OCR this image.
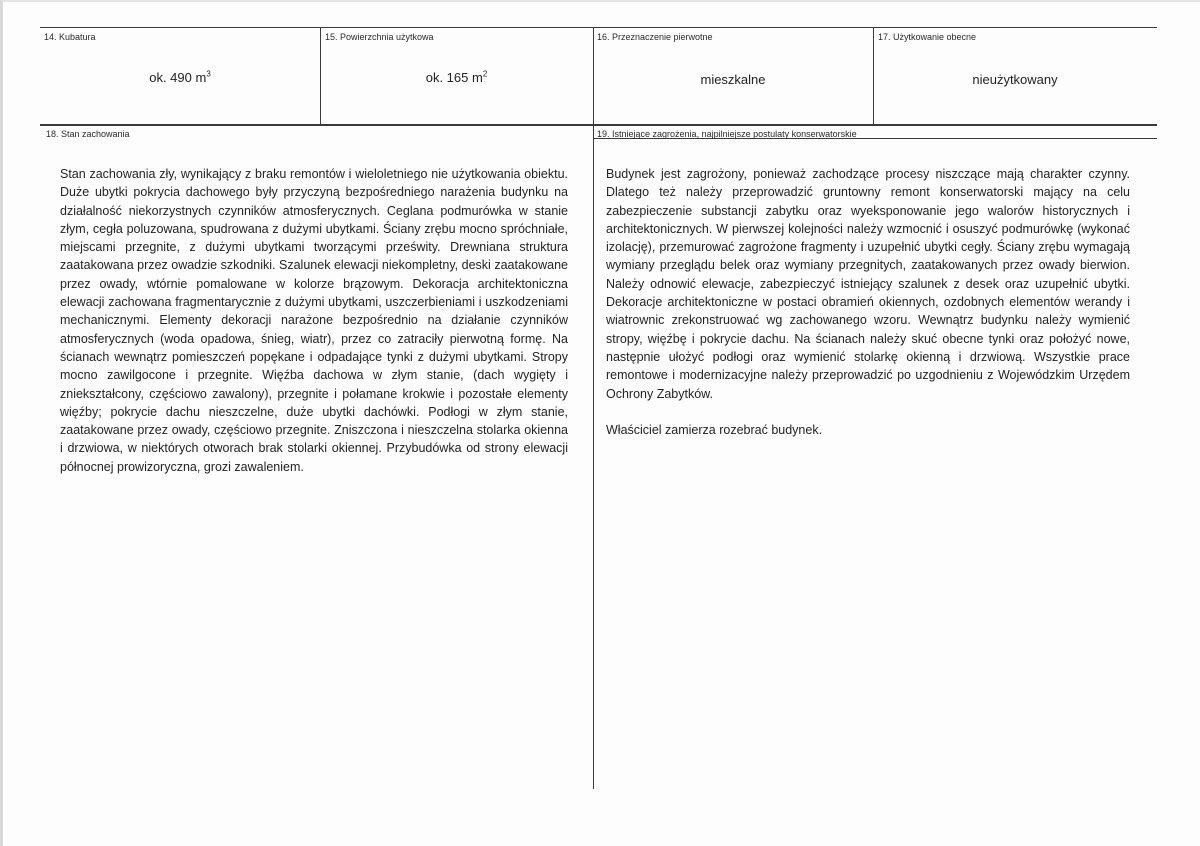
14. Kubatura
ok. 490 $m^3$
15. Powierzchnia użytkowa
ok. 165 $m^2$
16. Przeznaczenie pierwotne
mieszkalne
17. Użytkowanie obecne
nieużytkowany
18. Stan zachowania	19. Istniejące zagrożenia, najpilniejsze postulaty konserwatorskie

Stan zachowania zły, wynikający z braku remontów i wieloletniego nie użytkowania obiektu. Duże ubytki pokrycia dachowego były przyczyną bezpośredniego narażenia budynku na działalność niekorzystnych czynników atmosferycznych. Ceglana podmurówka w stanie złym, cegła poluzowana, spudrowana z dużymi ubytkami. Ściany zrębu mocno spróchniałe, miejscami przegnite, z dużymi ubytkami tworzącymi prześwity. Drewniana struktura zaatakowana przez owadzie szkodniki. Szalunek elewacji niekompletny, deski zaatakowane przez owady, wtórnie pomalowane w kolorze brązowym. Dekoracja architektoniczna elewacji zachowana fragmentarycznie z dużymi ubytkami, uszczerbieniami i uszkodzeniami mechanicznymi. Elementy dekoracji narażone bezpośrednio na działanie czynników atmosferycznych (woda opadowa, śnieg, wiatr), przez co zatraciły pierwotną formę. Na ścianach wewnątrz pomieszczeń popękane i odpadające tynki z dużymi ubytkami. Stropy mocno zawilgocone i przegnite. Więźba dachowa w złym stanie, (dach wygięty i zniekształcony, częściowo zawalony), przegnite i połamane krokwie i pozostałe elementy więźby; pokrycie dachu nieszczelne, duże ubytki dachówki. Podłogi w złym stanie, zaatakowane przez owady, częściowo przegnite. Zniszczona i nieszczelna stolarka okienna i drzwiowa, w niektórych otworach brak stolarki okiennej. Przybudówka od strony elewacji północnej prowizoryczna, grozi zawaleniem.

Budynek jest zagrożony, ponieważ zachodzące procesy niszczące mają charakter czynny. Dlatego też należy przeprowadzić gruntowny remont konserwatorski mający na celu zabezpieczenie substancji zabytku oraz wyeksponowanie jego walorów historycznych i architektonicznych. W pierwszej kolejności należy wzmocnić i osuszyć podmurówkę (wykonać izolację), przemurować zagrożone fragmenty i uzupełnić ubytki cegły. Ściany zrębu wymagają wymiany przeglądu belek oraz wymiany przegnitych, zaatakowanych przez owady bierwion. Należy odnowić elewacje, zabezpieczyć istniejący szalunek z desek oraz uzupełnić ubytki. Dekoracje architektoniczne w postaci obramień okiennych, ozdobnych elementów werandy i wiatrownic zrekonstruować wg zachowanego wzoru. Wewnątrz budynku należy wymienić stropy, więźbę i pokrycie dachu. Na ścianach należy skuć obecne tynki oraz położyć nowe, następnie ułożyć podłogi oraz wymienić stolarkę okienną i drzwiową. Wszystkie prace remontowe i modernizacyjne należy przeprowadzić po uzgodnieniu z Wojewódzkim Urzędem Ochrony Zabytków.

Właściciel zamierza rozebrać budynek.
